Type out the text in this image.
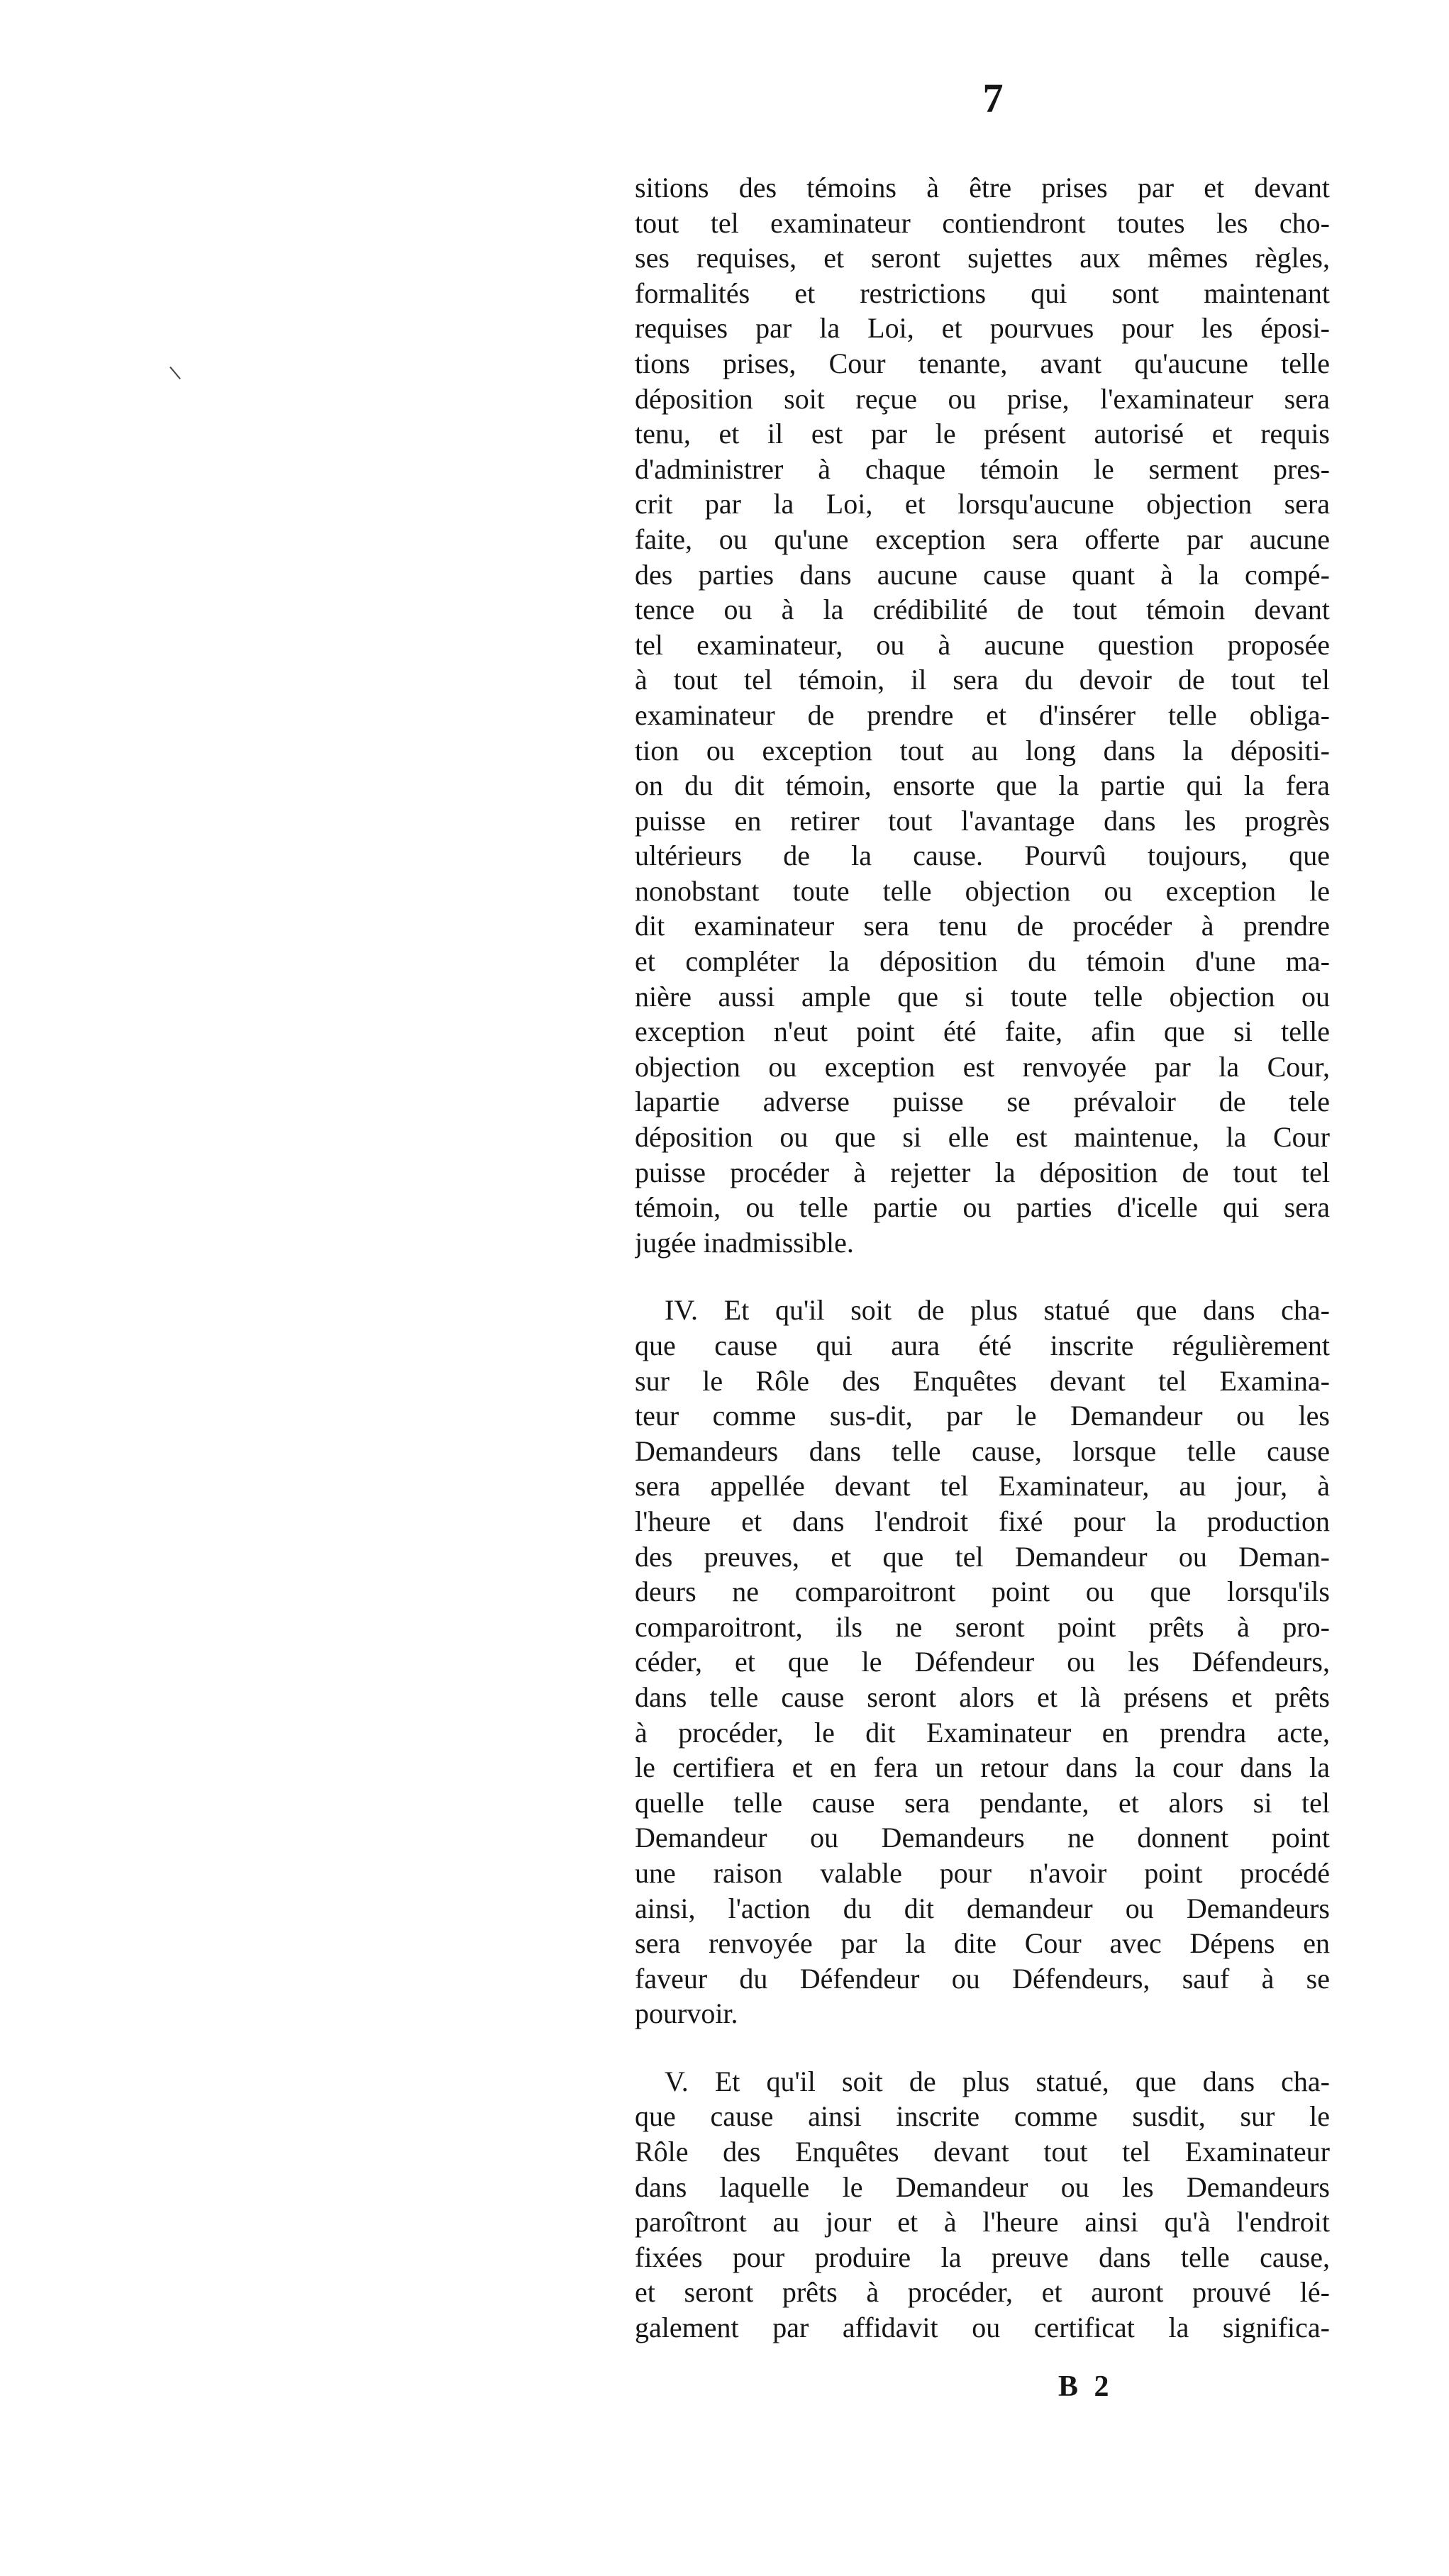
7
sitions des témoins à être prises par et devant
tout tel examinateur contiendront toutes les cho-
ses requises, et seront sujettes aux mêmes règles,
formalités et restrictions qui sont maintenant
requises par la Loi, et pourvues pour les éposi-
tions prises, Cour tenante, avant qu'aucune telle
déposition soit reçue ou prise, l'examinateur sera
tenu, et il est par le présent autorisé et requis
d'administrer à chaque témoin le serment pres-
crit par la Loi, et lorsqu'aucune objection sera
faite, ou qu'une exception sera offerte par aucune
des parties dans aucune cause quant à la compé-
tence ou à la crédibilité de tout témoin devant
tel examinateur, ou à aucune question proposée
à tout tel témoin, il sera du devoir de tout tel
examinateur de prendre et d'insérer telle obliga-
tion ou exception tout au long dans la dépositi-
on du dit témoin, ensorte que la partie qui la fera
puisse en retirer tout l'avantage dans les progrès
ultérieurs de la cause. Pourvû toujours, que
nonobstant toute telle objection ou exception le
dit examinateur sera tenu de procéder à prendre
et compléter la déposition du témoin d'une ma-
nière aussi ample que si toute telle objection ou
exception n'eut point été faite, afin que si telle
objection ou exception est renvoyée par la Cour,
lapartie adverse puisse se prévaloir de tele
déposition ou que si elle est maintenue, la Cour
puisse procéder à rejetter la déposition de tout tel
témoin, ou telle partie ou parties d'icelle qui sera
jugée inadmissible.
IV. Et qu'il soit de plus statué que dans cha-
que cause qui aura été inscrite régulièrement
sur le Rôle des Enquêtes devant tel Examina-
teur comme sus-dit, par le Demandeur ou les
Demandeurs dans telle cause, lorsque telle cause
sera appellée devant tel Examinateur, au jour, à
l'heure et dans l'endroit fixé pour la production
des preuves, et que tel Demandeur ou Deman-
deurs ne comparoitront point ou que lorsqu'ils
comparoitront, ils ne seront point prêts à pro-
céder, et que le Défendeur ou les Défendeurs,
dans telle cause seront alors et là présens et prêts
à procéder, le dit Examinateur en prendra acte,
le certifiera et en fera un retour dans la cour dans la
quelle telle cause sera pendante, et alors si tel
Demandeur ou Demandeurs ne donnent point
une raison valable pour n'avoir point procédé
ainsi, l'action du dit demandeur ou Demandeurs
sera renvoyée par la dite Cour avec Dépens en
faveur du Défendeur ou Défendeurs, sauf à se
pourvoir.
V. Et qu'il soit de plus statué, que dans cha-
que cause ainsi inscrite comme susdit, sur le
Rôle des Enquêtes devant tout tel Examinateur
dans laquelle le Demandeur ou les Demandeurs
paroîtront au jour et à l'heure ainsi qu'à l'endroit
fixées pour produire la preuve dans telle cause,
et seront prêts à procéder, et auront prouvé lé-
galement par affidavit ou certificat la significa-
B 2
